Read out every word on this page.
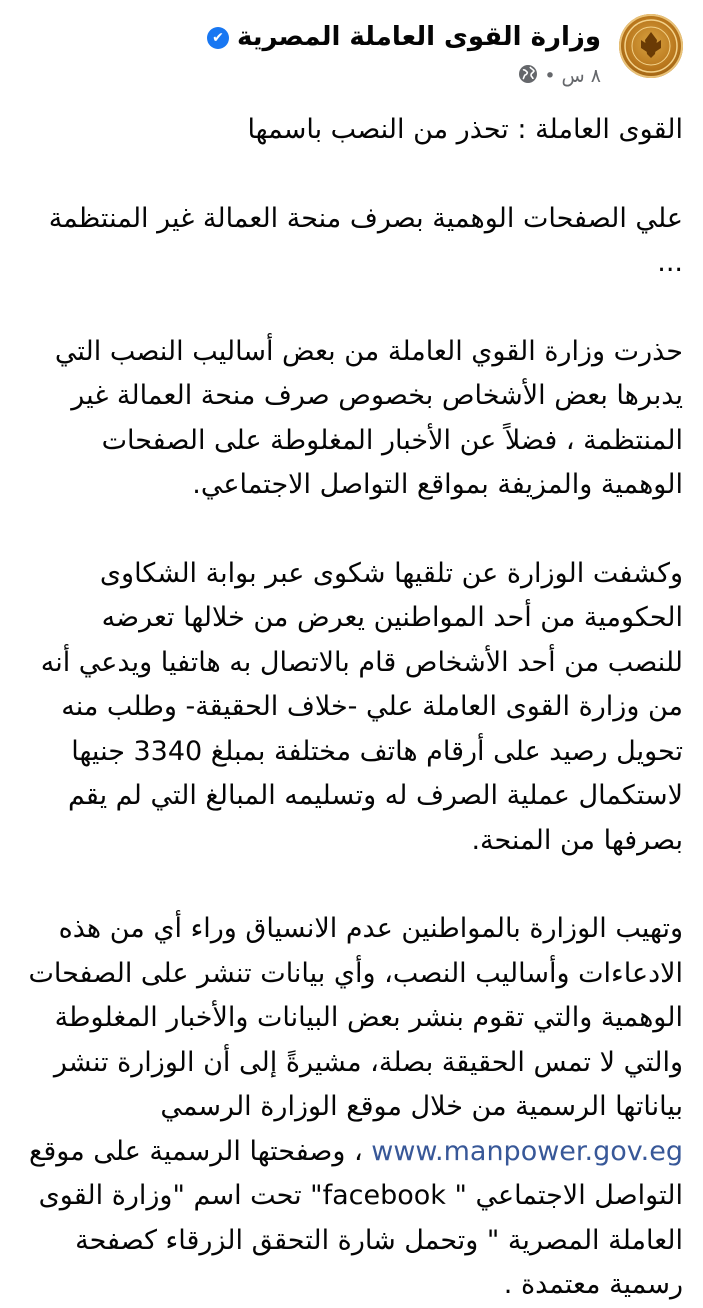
وزارة القوى العاملة المصرية✔
٨ س•

القوى العاملة : تحذر من النصب باسمها

علي الصفحات الوهمية بصرف منحة العمالة غير المنتظمة ...

حذرت وزارة القوي العاملة من بعض أساليب النصب التي يدبرها بعض الأشخاص بخصوص صرف منحة العمالة غير المنتظمة ، فضلاً عن الأخبار المغلوطة على الصفحات الوهمية والمزيفة بمواقع التواصل الاجتماعي.

وكشفت الوزارة عن تلقيها شكوى عبر بوابة الشكاوى الحكومية من أحد المواطنين يعرض من خلالها تعرضه للنصب من أحد الأشخاص قام بالاتصال به هاتفيا ويدعي أنه من وزارة القوى العاملة علي -خلاف الحقيقة- وطلب منه تحويل رصيد على أرقام هاتف مختلفة بمبلغ 3340 جنيها لاستكمال عملية الصرف له وتسليمه المبالغ التي لم يقم بصرفها من المنحة.

وتهيب الوزارة بالمواطنين عدم الانسياق وراء أي من هذه الادعاءات وأساليب النصب، وأي بيانات تنشر على الصفحات الوهمية والتي تقوم بنشر بعض البيانات والأخبار المغلوطة والتي لا تمس الحقيقة بصلة، مشيرةً إلى أن الوزارة تنشر بياناتها الرسمية من خلال موقع الوزارة الرسمي www.manpower.gov.eg ، وصفحتها الرسمية على موقع التواصل الاجتماعي " facebook" تحت اسم "وزارة القوى العاملة المصرية " وتحمل شارة التحقق الزرقاء كصفحة رسمية معتمدة .
